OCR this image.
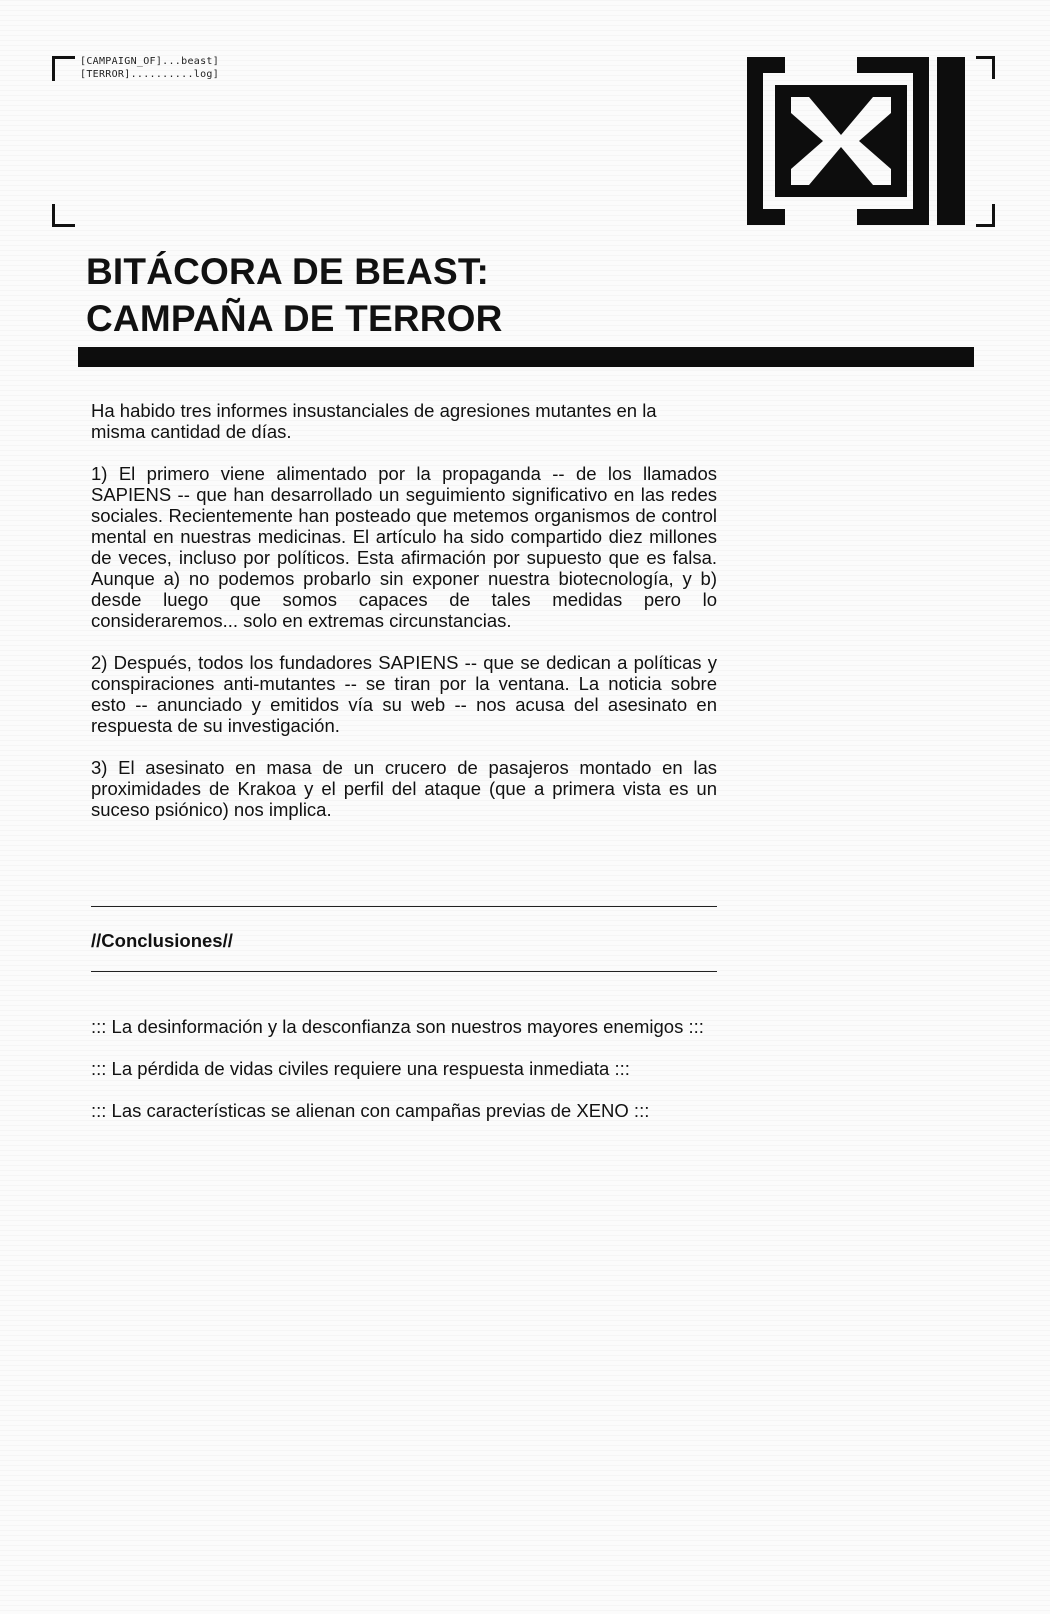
[CAMPAIGN_OF]...beast]
[TERROR]..........log]
BITÁCORA DE BEAST:
CAMPAÑA DE TERROR

Ha habido tres informes insustanciales de agresiones mutantes en la
misma cantidad de días.

1) El primero viene alimentado por la propaganda -- de los llamados SAPIENS -- que han desarrollado un seguimiento significativo en las redes sociales. Recientemente han posteado que metemos organismos de control mental en nuestras medicinas. El artículo ha sido compartido diez millones de veces, incluso por políticos. Esta afirmación por supuesto que es falsa. Aunque a) no podemos probarlo sin exponer nuestra biotecnología, y b) desde luego que somos capaces de tales medidas pero lo consideraremos... solo en extremas circunstancias.

2) Después, todos los fundadores SAPIENS -- que se dedican a políticas y conspiraciones anti-mutantes -- se tiran por la ventana. La noticia sobre esto -- anunciado y emitidos vía su web -- nos acusa del asesinato en respuesta de su investigación.

3) El asesinato en masa de un crucero de pasajeros montado en las proximidades de Krakoa y el perfil del ataque (que a primera vista es un suceso psiónico) nos implica.

//Conclusiones//
::: La desinformación y la desconfianza son nuestros mayores enemigos :::
::: La pérdida de vidas civiles requiere una respuesta inmediata :::
::: Las características se alienan con campañas previas de XENO :::
